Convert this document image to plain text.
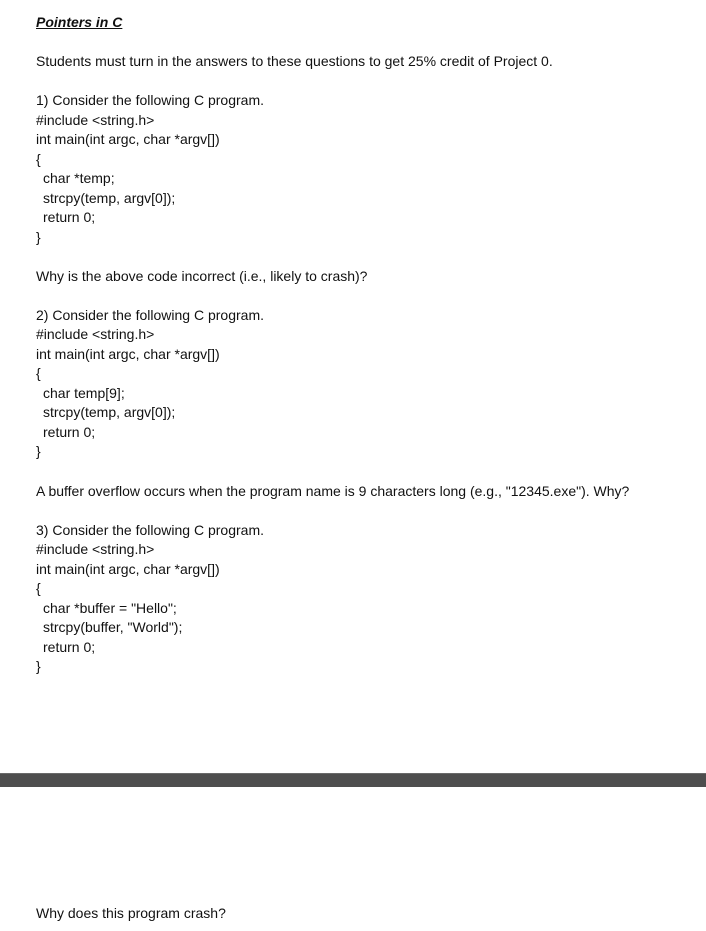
Pointers in C
Students must turn in the answers to these questions to get 25% credit of Project 0.
1) Consider the following C program.
#include <string.h>
int main(int argc, char *argv[])
{
char *temp;
strcpy(temp, argv[0]);
return 0;
}
Why is the above code incorrect (i.e., likely to crash)?
2) Consider the following C program.
#include <string.h>
int main(int argc, char *argv[])
{
char temp[9];
strcpy(temp, argv[0]);
return 0;
}
A buffer overflow occurs when the program name is 9 characters long (e.g., "12345.exe"). Why?
3) Consider the following C program.
#include <string.h>
int main(int argc, char *argv[])
{
char *buffer = "Hello";
strcpy(buffer, "World");
return 0;
}
Why does this program crash?
